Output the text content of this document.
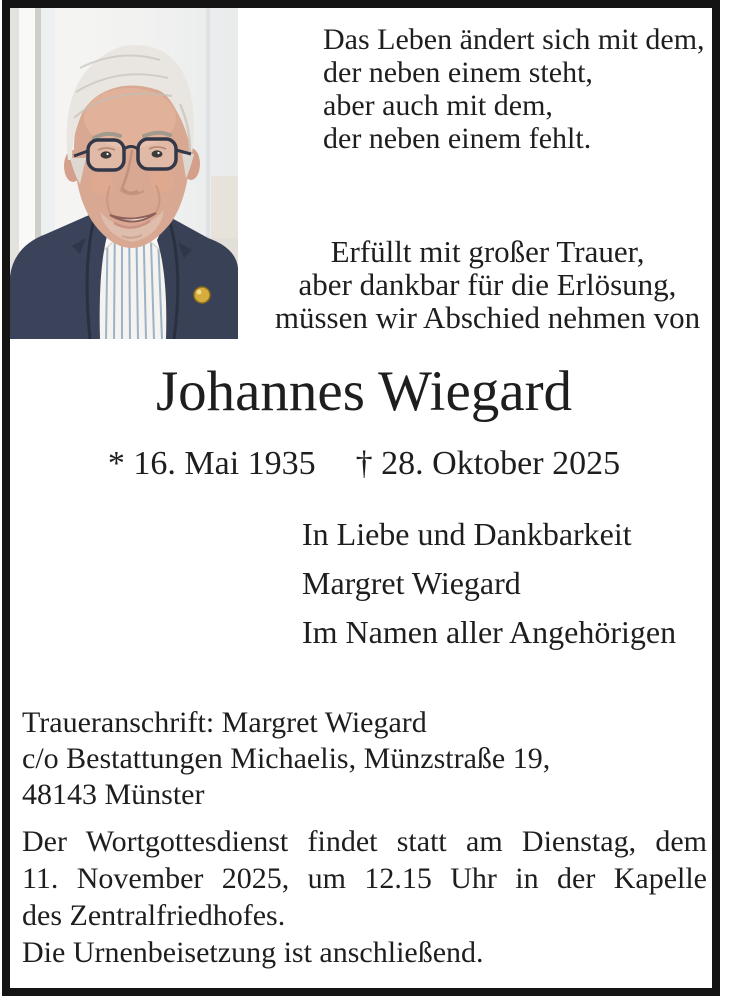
Das Leben ändert sich mit dem,
der neben einem steht,
aber auch mit dem,
der neben einem fehlt.
Erfüllt mit großer Trauer,
aber dankbar für die Erlösung,
müssen wir Abschied nehmen von
Johannes Wiegard
* 16. Mai 1935 † 28. Oktober 2025
In Liebe und Dankbarkeit
Margret Wiegard
Im Namen aller Angehörigen
Traueranschrift: Margret Wiegard
c/o Bestattungen Michaelis, Münzstraße 19,
48143 Münster
Der Wortgottesdienst findet statt am Dienstag, dem
11. November 2025, um 12.15 Uhr in der Kapelle
des Zentralfriedhofes.
Die Urnenbeisetzung ist anschließend.
